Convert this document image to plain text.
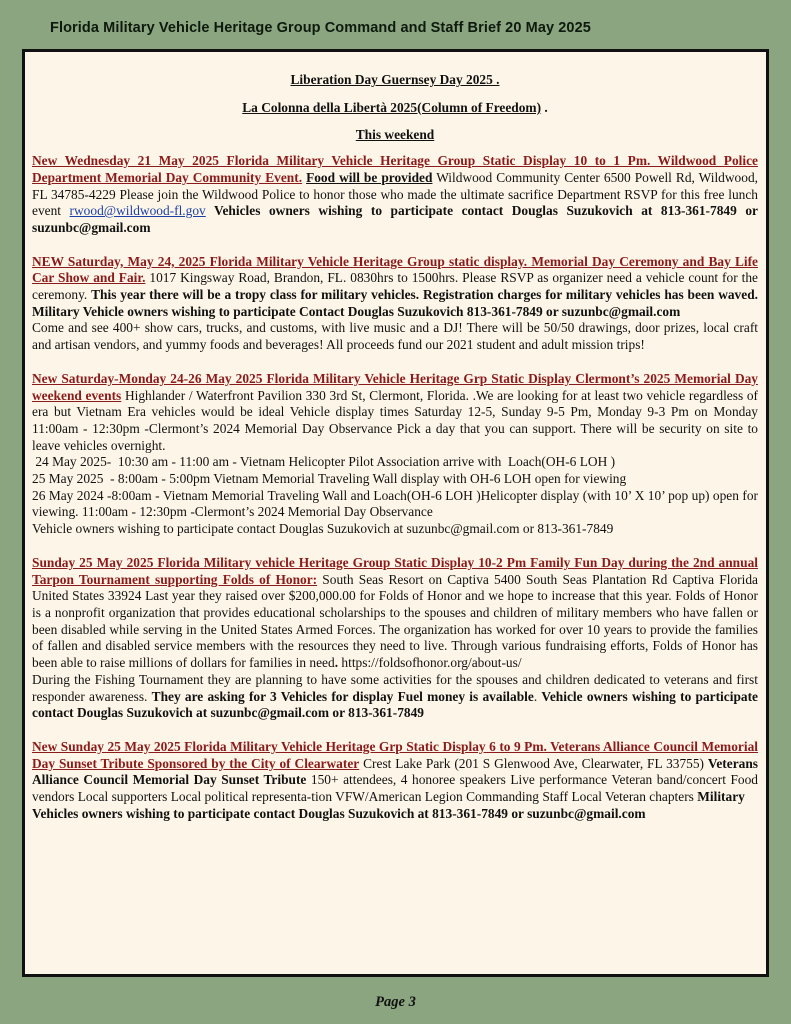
Florida Military Vehicle Heritage Group Command and Staff Brief 20 May 2025
Liberation Day Guernsey Day 2025 .
La Colonna della Libertà 2025(Column of Freedom) .
This weekend
New Wednesday 21 May 2025 Florida Military Vehicle Heritage Group Static Display 10 to 1 Pm. Wildwood Police Department Memorial Day Community Event. Food will be provided Wildwood Community Center 6500 Powell Rd, Wildwood, FL 34785-4229 Please join the Wildwood Police to honor those who made the ultimate sacrifice Department RSVP for this free lunch event rwood@wildwood-fl.gov Vehicles owners wishing to participate contact Douglas Suzukovich at 813-361-7849 or suzunbc@gmail.com
NEW Saturday, May 24, 2025 Florida Military Vehicle Heritage Group static display. Memorial Day Ceremony and Bay Life Car Show and Fair. 1017 Kingsway Road, Brandon, FL. 0830hrs to 1500hrs. Please RSVP as organizer need a vehicle count for the ceremony. This year there will be a tropy class for military vehicles. Registration charges for military vehicles has been waved. Military Vehicle owners wishing to participate Contact Douglas Suzukovich 813-361-7849 or suzunbc@gmail.com
Come and see 400+ show cars, trucks, and customs, with live music and a DJ! There will be 50/50 drawings, door prizes, local craft and artisan vendors, and yummy foods and beverages! All proceeds fund our 2021 student and adult mission trips!
New Saturday-Monday 24-26 May 2025 Florida Military Vehicle Heritage Grp Static Display Clermont’s 2025 Memorial Day weekend events Highlander / Waterfront Pavilion 330 3rd St, Clermont, Florida. .We are looking for at least two vehicle regardless of era but Vietnam Era vehicles would be ideal Vehicle display times Saturday 12-5, Sunday 9-5 Pm, Monday 9-3 Pm on Monday 11:00am - 12:30pm -Clermont’s 2024 Memorial Day Observance Pick a day that you can support. There will be security on site to leave vehicles overnight.
24 May 2025-  10:30 am - 11:00 am - Vietnam Helicopter Pilot Association arrive with  Loach(OH-6 LOH )
25 May 2025  - 8:00am - 5:00pm Vietnam Memorial Traveling Wall display with OH-6 LOH open for viewing
26 May 2024 -8:00am - Vietnam Memorial Traveling Wall and Loach(OH-6 LOH )Helicopter display (with 10’ X 10’ pop up) open for viewing. 11:00am - 12:30pm -Clermont’s 2024 Memorial Day Observance
Vehicle owners wishing to participate contact Douglas Suzukovich at suzunbc@gmail.com or 813-361-7849
Sunday 25 May 2025 Florida Military vehicle Heritage Group Static Display 10-2 Pm Family Fun Day during the 2nd annual Tarpon Tournament supporting Folds of Honor: South Seas Resort on Captiva 5400 South Seas Plantation Rd Captiva Florida United States 33924 Last year they raised over $200,000.00 for Folds of Honor and we hope to increase that this year. Folds of Honor is a nonprofit organization that provides educational scholarships to the spouses and children of military members who have fallen or been disabled while serving in the United States Armed Forces. The organization has worked for over 10 years to provide the families of fallen and disabled service members with the resources they need to live. Through various fundraising efforts, Folds of Honor has been able to raise millions of dollars for families in need. https://foldsofhonor.org/about-us/
During the Fishing Tournament they are planning to have some activities for the spouses and children dedicated to veterans and first responder awareness. They are asking for 3 Vehicles for display Fuel money is available. Vehicle owners wishing to participate contact Douglas Suzukovich at suzunbc@gmail.com or 813-361-7849
New Sunday 25 May 2025 Florida Military Vehicle Heritage Grp Static Display 6 to 9 Pm. Veterans Alliance Council Memorial Day Sunset Tribute Sponsored by the City of Clearwater Crest Lake Park (201 S Glenwood Ave, Clearwater, FL 33755) Veterans Alliance Council Memorial Day Sunset Tribute 150+ attendees, 4 honoree speakers Live performance Veteran band/concert Food vendors Local supporters Local political representa-tion VFW/American Legion Commanding Staff Local Veteran chapters Military
Vehicles owners wishing to participate contact Douglas Suzukovich at 813-361-7849 or suzunbc@gmail.com
Page 3
